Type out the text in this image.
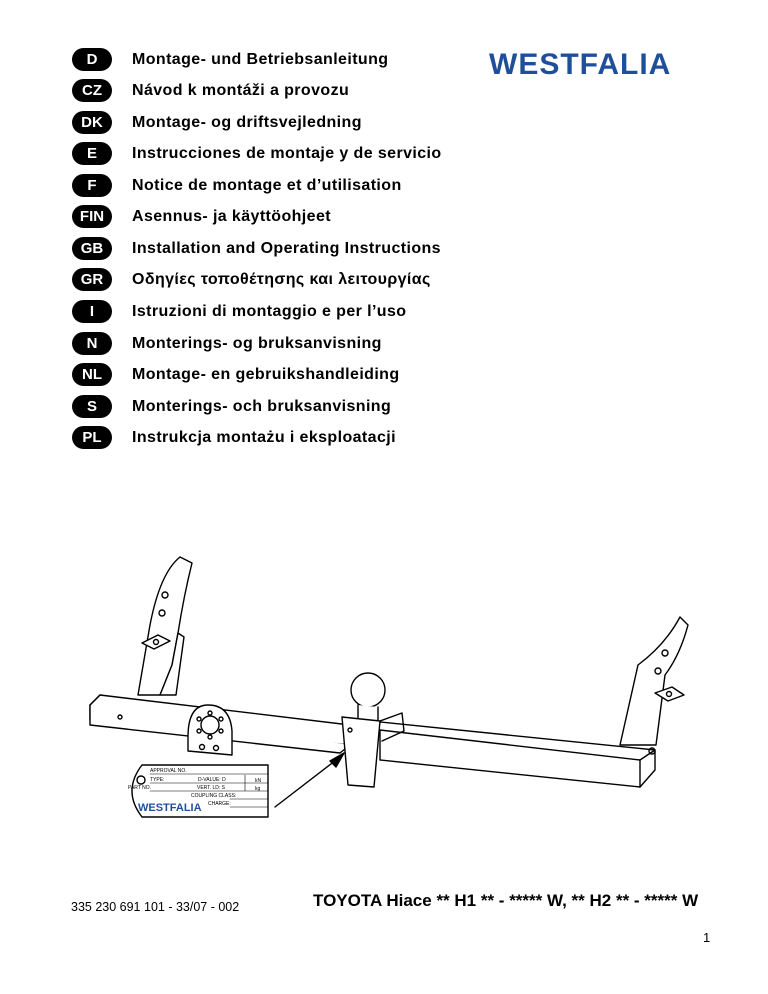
D	Montage- und Betriebsanleitung
CZ	Návod k montáži a provozu
DK	Montage- og driftsvejledning
E	Instrucciones de montaje y de servicio
F	Notice de montage et d’utilisation
FIN	Asennus- ja käyttöohjeet
GB	Installation and Operating Instructions
GR	Οδηγίες τοποθέτησης και λειτουργίας
I	Istruzioni di montaggio e per l’uso
N	Monterings- og bruksanvisning
NL	Montage- en gebruikshandleiding
S	Monterings- och bruksanvisning
PL	Instrukcja montażu i eksploatacji
WESTFALIA
APPROVAL NO.
TYPE:
PART NO.
D-VALUE: D
VERT. LD: S
COUPLING CLASS:
CHARGE:
kN
kg
WESTFALIA
335 230 691 101 - 33/07 - 002	TOYOTA Hiace ** H1 ** - ***** W, ** H2 ** - ***** W
1
